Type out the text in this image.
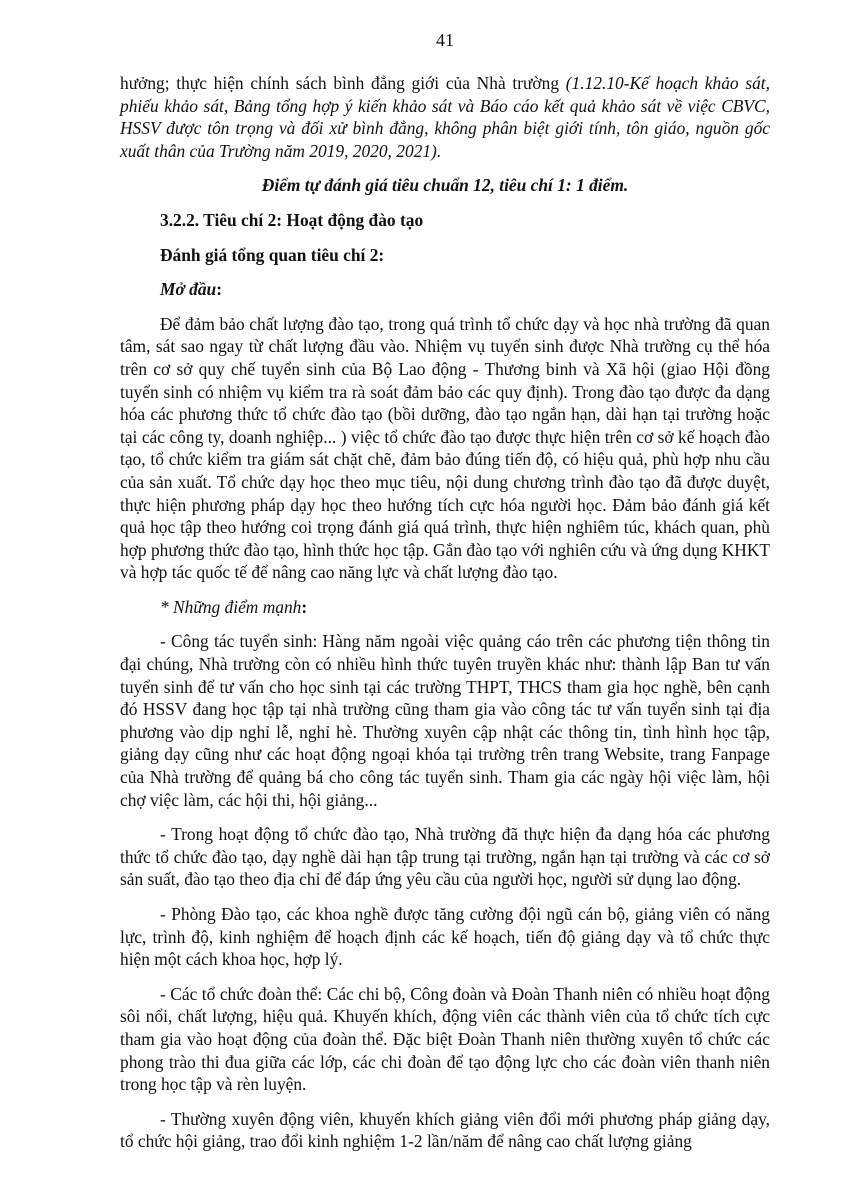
41

hưởng; thực hiện chính sách bình đẳng giới của Nhà trường (1.12.10-Kế hoạch khảo sát, phiếu khảo sát, Bảng tổng hợp ý kiến khảo sát và Báo cáo kết quả khảo sát về việc CBVC, HSSV được tôn trọng và đối xử bình đẳng, không phân biệt giới tính, tôn giáo, nguồn gốc xuất thân của Trường năm 2019, 2020, 2021).

Điểm tự đánh giá tiêu chuẩn 12, tiêu chí 1: 1 điểm.

3.2.2. Tiêu chí 2: Hoạt động đào tạo

Đánh giá tổng quan tiêu chí 2:

Mở đầu:

Để đảm bảo chất lượng đào tạo, trong quá trình tổ chức dạy và học nhà trường đã quan tâm, sát sao ngay từ chất lượng đầu vào. Nhiệm vụ tuyển sinh được Nhà trường cụ thể hóa trên cơ sở quy chế tuyển sinh của Bộ Lao động - Thương binh và Xã hội (giao Hội đồng tuyển sinh có nhiệm vụ kiểm tra rà soát đảm bảo các quy định). Trong đào tạo được đa dạng hóa các phương thức tổ chức đào tạo (bồi dưỡng, đào tạo ngắn hạn, dài hạn tại trường hoặc tại các công ty, doanh nghiệp... ) việc tổ chức đào tạo được thực hiện trên cơ sở kế hoạch đào tạo, tổ chức kiểm tra giám sát chặt chẽ, đảm bảo đúng tiến độ, có hiệu quả, phù hợp nhu cầu của sản xuất. Tổ chức dạy học theo mục tiêu, nội dung chương trình đào tạo đã được duyệt, thực hiện phương pháp dạy học theo hướng tích cực hóa người học. Đảm bảo đánh giá kết quả học tập theo hướng coi trọng đánh giá quá trình, thực hiện nghiêm túc, khách quan, phù hợp phương thức đào tạo, hình thức học tập. Gắn đào tạo với nghiên cứu và ứng dụng KHKT và hợp tác quốc tế để nâng cao năng lực và chất lượng đào tạo.

* Những điểm mạnh:

- Công tác tuyển sinh: Hàng năm ngoài việc quảng cáo trên các phương tiện thông tin đại chúng, Nhà trường còn có nhiều hình thức tuyên truyền khác như: thành lập Ban tư vấn tuyển sinh để tư vấn cho học sinh tại các trường THPT, THCS tham gia học nghề, bên cạnh đó HSSV đang học tập tại nhà trường cũng tham gia vào công tác tư vấn tuyển sinh tại địa phương vào dịp nghỉ lễ, nghỉ hè. Thường xuyên cập nhật các thông tin, tình hình học tập, giảng dạy cũng như các hoạt động ngoại khóa tại trường trên trang Website, trang Fanpage của Nhà trường để quảng bá cho công tác tuyển sinh. Tham gia các ngày hội việc làm, hội chợ việc làm, các hội thi, hội giảng...

- Trong hoạt động tổ chức đào tạo, Nhà trường đã thực hiện đa dạng hóa các phương thức tổ chức đào tạo, dạy nghề dài hạn tập trung tại trường, ngắn hạn tại trường và các cơ sở sản suất, đào tạo theo địa chỉ để đáp ứng yêu cầu của người học, người sử dụng lao động.

- Phòng Đào tạo, các khoa nghề được tăng cường đội ngũ cán bộ, giảng viên có năng lực, trình độ, kinh nghiệm để hoạch định các kế hoạch, tiến độ giảng dạy và tổ chức thực hiện một cách khoa học, hợp lý.

- Các tổ chức đoàn thể: Các chi bộ, Công đoàn và Đoàn Thanh niên có nhiều hoạt động sôi nổi, chất lượng, hiệu quả. Khuyến khích, động viên các thành viên của tổ chức tích cực tham gia vào hoạt động của đoàn thể. Đặc biệt Đoàn Thanh niên thường xuyên tổ chức các phong trào thi đua giữa các lớp, các chi đoàn để tạo động lực cho các đoàn viên thanh niên trong học tập và rèn luyện.

- Thường xuyên động viên, khuyến khích giảng viên đổi mới phương pháp giảng dạy, tổ chức hội giảng, trao đổi kinh nghiệm 1-2 lần/năm để nâng cao chất lượng giảng
